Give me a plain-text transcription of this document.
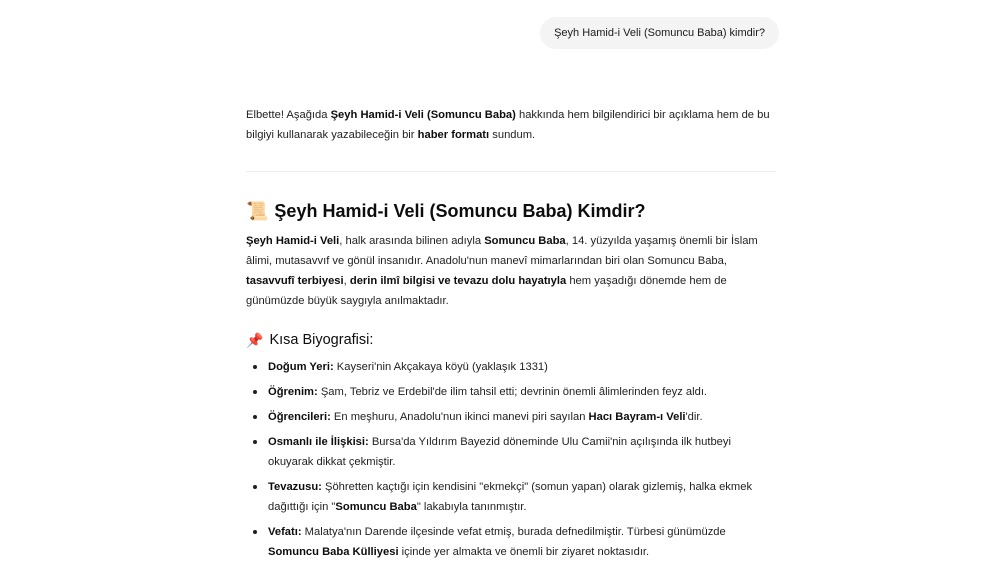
Şeyh Hamid-i Veli (Somuncu Baba) kimdir?

Elbette! Aşağıda Şeyh Hamid-i Veli (Somuncu Baba) hakkında hem bilgilendirici bir açıklama hem de bu bilgiyi kullanarak yazabileceğin bir haber formatı sundum.

📜 Şeyh Hamid-i Veli (Somuncu Baba) Kimdir?

Şeyh Hamid-i Veli, halk arasında bilinen adıyla Somuncu Baba, 14. yüzyılda yaşamış önemli bir İslam âlimi, mutasavvıf ve gönül insanıdır. Anadolu'nun manevî mimarlarından biri olan Somuncu Baba, tasavvufî terbiyesi, derin ilmî bilgisi ve tevazu dolu hayatıyla hem yaşadığı dönemde hem de günümüzde büyük saygıyla anılmaktadır.

📌 Kısa Biyografisi:
Doğum Yeri: Kayseri'nin Akçakaya köyü (yaklaşık 1331)
Öğrenim: Şam, Tebriz ve Erdebil'de ilim tahsil etti; devrinin önemli âlimlerinden feyz aldı.
Öğrencileri: En meşhuru, Anadolu'nun ikinci manevi piri sayılan Hacı Bayram-ı Veli'dir.
Osmanlı ile İlişkisi: Bursa'da Yıldırım Bayezid döneminde Ulu Camii'nin açılışında ilk hutbeyi okuyarak dikkat çekmiştir.
Tevazusu: Şöhretten kaçtığı için kendisini "ekmekçi" (somun yapan) olarak gizlemiş, halka ekmek dağıttığı için "Somuncu Baba" lakabıyla tanınmıştır.
Vefatı: Malatya'nın Darende ilçesinde vefat etmiş, burada defnedilmiştir. Türbesi günümüzde Somuncu Baba Külliyesi içinde yer almakta ve önemli bir ziyaret noktasıdır.
